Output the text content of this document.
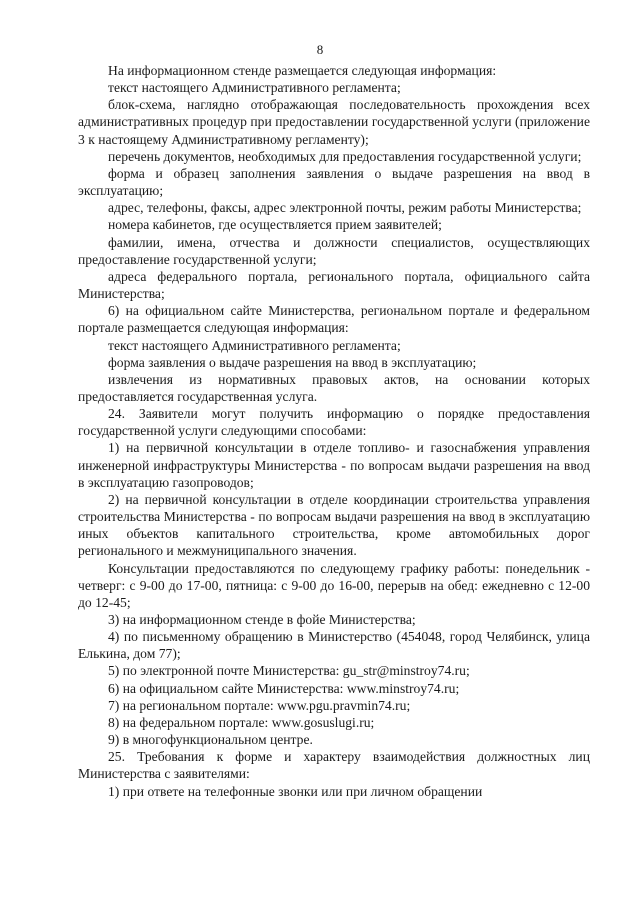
8

На информационном стенде размещается следующая информация:

текст настоящего Административного регламента;

блок-схема, наглядно отображающая последовательность прохождения всех административных процедур при предоставлении государственной услуги (приложение 3 к настоящему Административному регламенту);

перечень документов, необходимых для предоставления государственной услуги;

форма и образец заполнения заявления о выдаче разрешения на ввод в эксплуатацию;

адрес, телефоны, факсы, адрес электронной почты, режим работы Министерства;

номера кабинетов, где осуществляется прием заявителей;

фамилии, имена, отчества и должности специалистов, осуществляющих предоставление государственной услуги;

адреса федерального портала, регионального портала, официального сайта Министерства;

6) на официальном сайте Министерства, региональном портале и федеральном портале размещается следующая информация:

текст настоящего Административного регламента;

форма заявления о выдаче разрешения на ввод в эксплуатацию;

извлечения из нормативных правовых актов, на основании которых предоставляется государственная услуга.

24. Заявители могут получить информацию о порядке предоставления государственной услуги следующими способами:

1) на первичной консультации в отделе топливо- и газоснабжения управления инженерной инфраструктуры Министерства - по вопросам выдачи разрешения на ввод в эксплуатацию газопроводов;

2) на первичной консультации в отделе координации строительства управления строительства Министерства - по вопросам выдачи разрешения на ввод в эксплуатацию иных объектов капитального строительства, кроме автомобильных дорог регионального и межмуниципального значения.

Консультации предоставляются по следующему графику работы: понедельник - четверг: с 9-00 до 17-00, пятница: с 9-00 до 16-00, перерыв на обед: ежедневно с 12-00 до 12-45;

3) на информационном стенде в фойе Министерства;

4) по письменному обращению в Министерство (454048, город Челябинск, улица Елькина, дом 77);

5) по электронной почте Министерства: gu_str@minstroy74.ru;

6) на официальном сайте Министерства: www.minstroy74.ru;

7) на региональном портале: www.pgu.pravmin74.ru;

8) на федеральном портале: www.gosuslugi.ru;

9) в многофункциональном центре.

25. Требования к форме и характеру взаимодействия должностных лиц Министерства с заявителями:

1) при ответе на телефонные звонки или при личном обращении
